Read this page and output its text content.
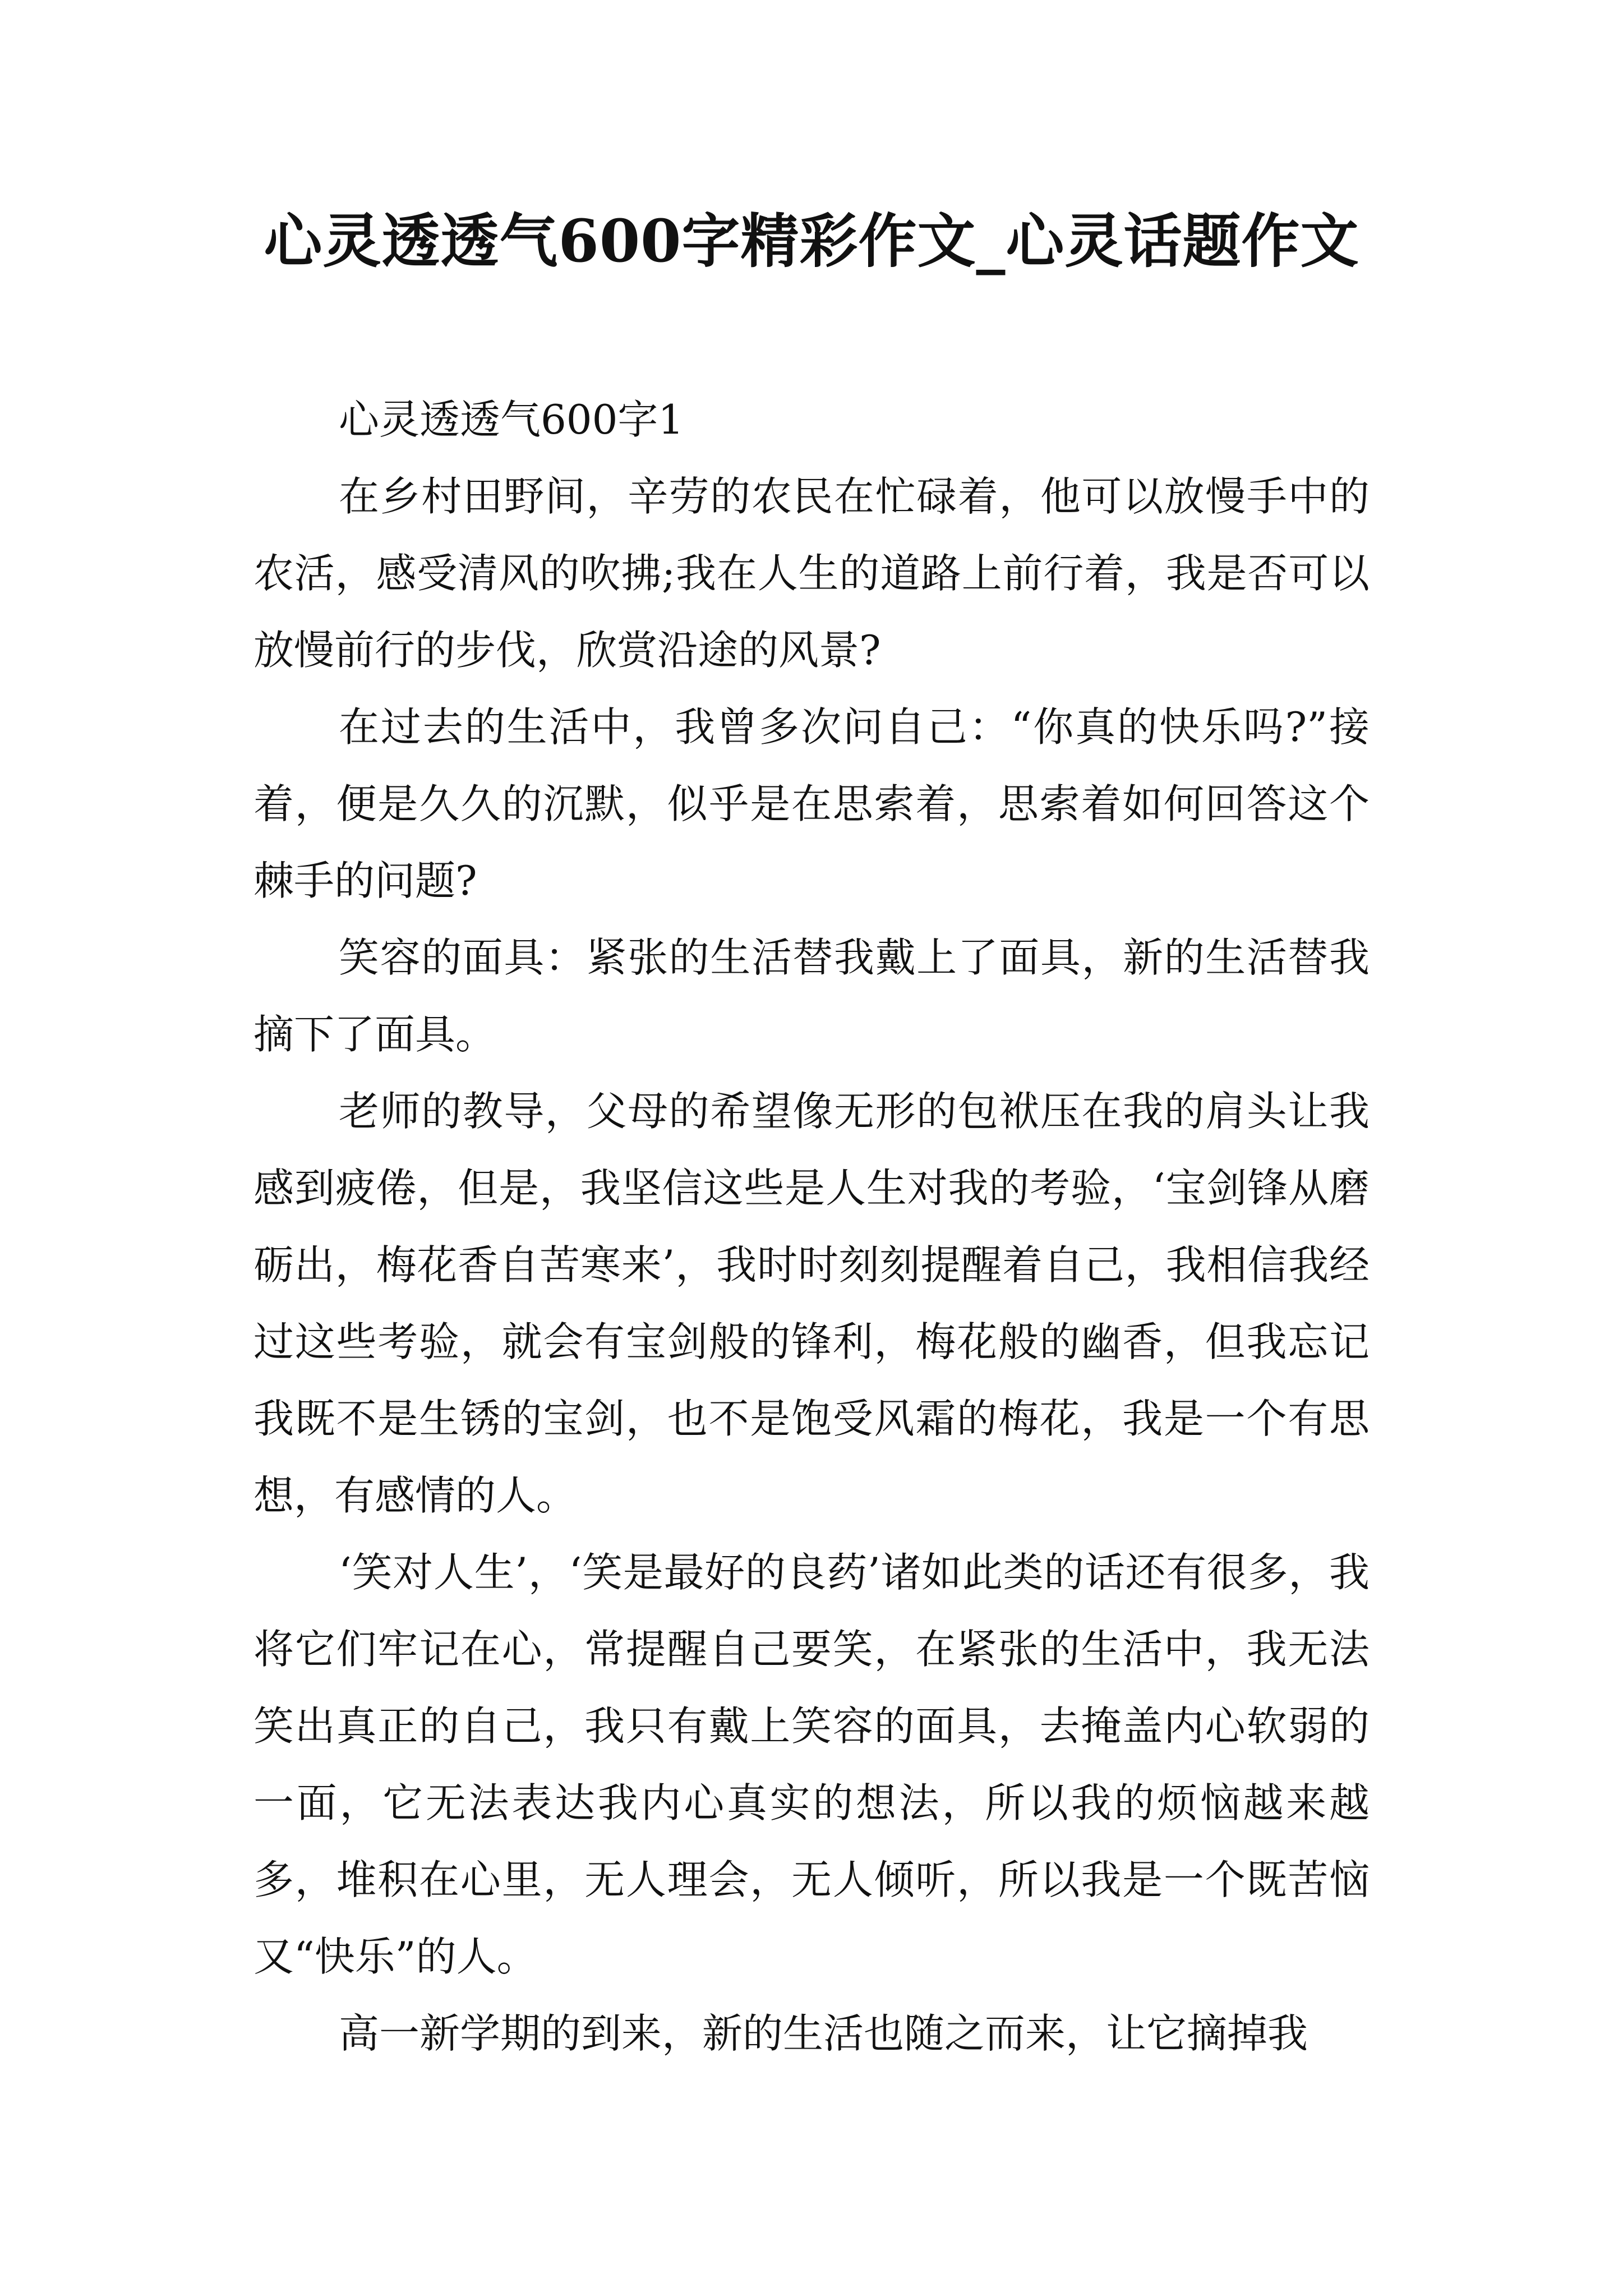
心灵透透气600字精彩作文_心灵话题作文

心灵透透气600字1

在乡村田野间，辛劳的农民在忙碌着，他可以放慢手中的农活，感受清风的吹拂;我在人生的道路上前行着，我是否可以放慢前行的步伐，欣赏沿途的风景?

在过去的生活中，我曾多次问自己：“你真的快乐吗?”接着，便是久久的沉默，似乎是在思索着，思索着如何回答这个棘手的问题?

笑容的面具：紧张的生活替我戴上了面具，新的生活替我摘下了面具。

老师的教导，父母的希望像无形的包袱压在我的肩头让我感到疲倦，但是，我坚信这些是人生对我的考验，‘宝剑锋从磨砺出，梅花香自苦寒来’，我时时刻刻提醒着自己，我相信我经过这些考验，就会有宝剑般的锋利，梅花般的幽香，但我忘记我既不是生锈的宝剑，也不是饱受风霜的梅花，我是一个有思想，有感情的人。

‘笑对人生’，‘笑是最好的良药’诸如此类的话还有很多，我将它们牢记在心，常提醒自己要笑，在紧张的生活中，我无法笑出真正的自己，我只有戴上笑容的面具，去掩盖内心软弱的一面，它无法表达我内心真实的想法，所以我的烦恼越来越多，堆积在心里，无人理会，无人倾听，所以我是一个既苦恼又“快乐”的人。

高一新学期的到来，新的生活也随之而来，让它摘掉我
